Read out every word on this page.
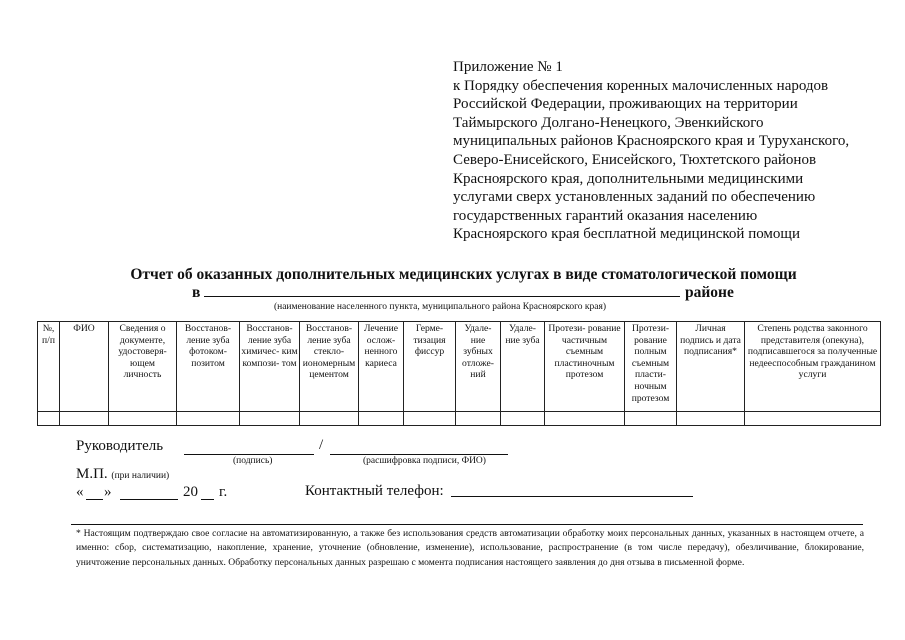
Приложение № 1
к Порядку обеспечения коренных малочисленных народов
Российской Федерации, проживающих на территории
Таймырского Долгано-Ненецкого, Эвенкийского
муниципальных районов Красноярского края и Туруханского,
Северо-Енисейского, Енисейского, Тюхтетского районов
Красноярского края, дополнительными медицинскими
услугами сверх установленных заданий по обеспечению
государственных гарантий оказания населению
Красноярского края бесплатной медицинской помощи
Отчет об оказанных дополнительных медицинских услугах в виде стоматологической помощи
в	районе
(наименование населенного пункта, муниципального района Красноярского края)
№, п/п	ФИО	Сведения о документе, удостоверя- ющем личность	Восстанов- ление зуба фотоком- позитом	Восстанов- ление зуба химичес- ким компози- том	Восстанов- ление зуба стекло- иономерным цементом	Лечение ослож- ненного кариеса	Герме- тизация фиссур	Удале- ние зубных отложе- ний	Удале- ние зуба	Протези- рование частичным съемным пластиночным протезом	Протези- рование полным съемным пласти- ночным протезом	Личная подпись и дата подписания*	Степень родства законного представителя (опекуна), подписавшегося за полученные недееспособным гражданином услуги

Руководитель	/
(подпись)	(расшифровка подписи, ФИО)
М.П. (при наличии)
« »	20 г.	Контактный телефон:
* Настоящим подтверждаю свое согласие на автоматизированную, а также без использования средств автоматизации обработку моих персональных данных, указанных в настоящем отчете, а именно: сбор, систематизацию, накопление, хранение, уточнение (обновление, изменение), использование, распространение (в том числе передачу), обезличивание, блокирование, уничтожение персональных данных. Обработку персональных данных разрешаю с момента подписания настоящего заявления до дня отзыва в письменной форме.
